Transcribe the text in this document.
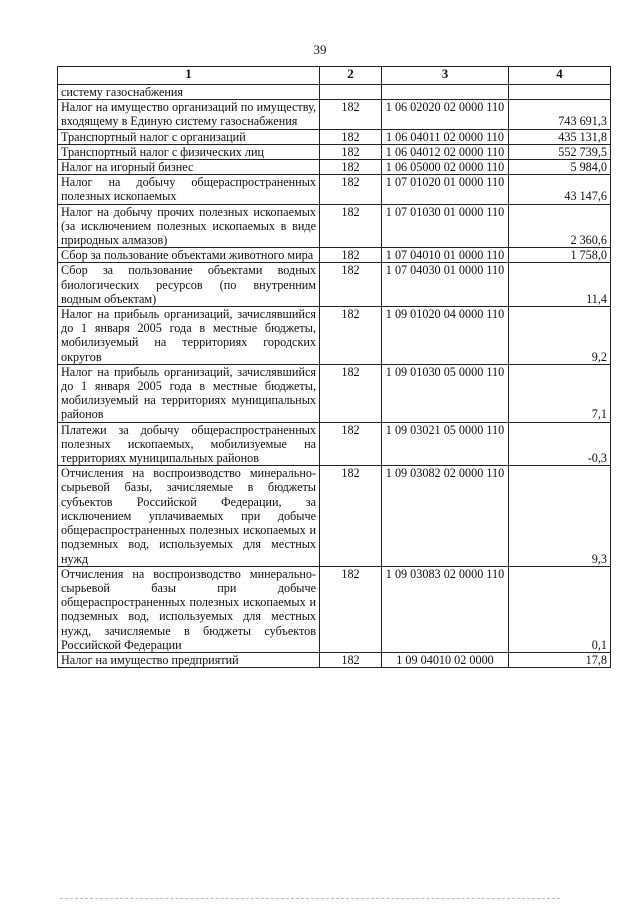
39
1	2	3	4
систему газоснабжения			
Налог на имущество организаций по имуществу, входящему в Единую систему газоснабжения	182	1 06 02020 02 0000 110	743 691,3
Транспортный налог с организаций	182	1 06 04011 02 0000 110	435 131,8
Транспортный налог с физических лиц	182	1 06 04012 02 0000 110	552 739,5
Налог на игорный бизнес	182	1 06 05000 02 0000 110	5 984,0
Налог на добычу общераспространенных полезных ископаемых	182	1 07 01020 01 0000 110	43 147,6
Налог на добычу прочих полезных ископаемых (за исключением полезных ископаемых в виде природных алмазов)	182	1 07 01030 01 0000 110	2 360,6
Сбор за пользование объектами животного мира	182	1 07 04010 01 0000 110	1 758,0
Сбор за пользование объектами водных биологических ресурсов (по внутренним водным объектам)	182	1 07 04030 01 0000 110	11,4
Налог на прибыль организаций, зачислявшийся до 1 января 2005 года в местные бюджеты, мобилизуемый на территориях городских округов	182	1 09 01020 04 0000 110	9,2
Налог на прибыль организаций, зачислявшийся до 1 января 2005 года в местные бюджеты, мобилизуемый на территориях муниципальных районов	182	1 09 01030 05 0000 110	7,1
Платежи за добычу общераспространенных полезных ископаемых, мобилизуемые на территориях муниципальных районов	182	1 09 03021 05 0000 110	-0,3
Отчисления на воспроизводство минерально-сырьевой базы, зачисляемые в бюджеты субъектов Российской Федерации, за исключением уплачиваемых при добыче общераспространенных полезных ископаемых и подземных вод, используемых для местных нужд	182	1 09 03082 02 0000 110	9,3
Отчисления на воспроизводство минерально-сырьевой базы при добыче общераспространенных полезных ископаемых и подземных вод, используемых для местных нужд, зачисляемые в бюджеты субъектов Российской Федерации	182	1 09 03083 02 0000 110	0,1
Налог на имущество предприятий	182	1 09 04010 02 0000	17,8
